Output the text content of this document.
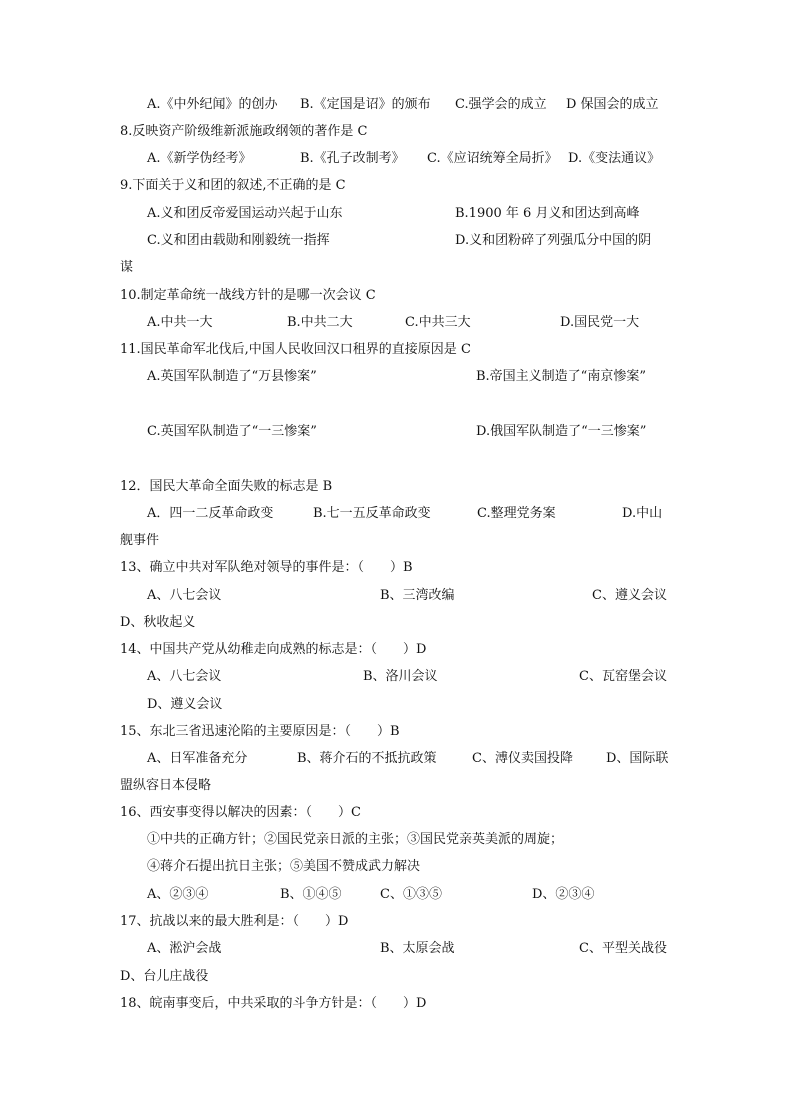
A.《中外纪闻》的创办 B.《定国是诏》的颁布 C.强学会的成立 D 保国会的成立
8.反映资产阶级维新派施政纲领的著作是 C
A.《新学伪经考》	B.《孔子改制考》 C.《应诏统筹全局折》 D.《变法通议》
9.下面关于义和团的叙述,不正确的是 C
A.义和团反帝爱国运动兴起于山东	B.1900 年 6 月义和团达到高峰
C.义和团由载勋和刚毅统一指挥	D.义和团粉碎了列强瓜分中国的阴
谋
10.制定革命统一战线方针的是哪一次会议 C
A.中共一大	B.中共二大	C.中共三大	D.国民党一大
11.国民革命军北伐后,中国人民收回汉口租界的直接原因是 C
A.英国军队制造了“万县惨案”	B.帝国主义制造了“南京惨案”
C.英国军队制造了“一三惨案”	D.俄国军队制造了“一三惨案”
12．国民大革命全面失败的标志是 B
A．四一二反革命政变	B.七一五反革命政变	C.整理党务案	D.中山
舰事件
13、确立中共对军队绝对领导的事件是：（　　）B
A、八七会议	B、三湾改编	C、遵义会议
D、秋收起义
14、中国共产党从幼稚走向成熟的标志是：（　　）D
A、八七会议	B、洛川会议	C、瓦窑堡会议
D、遵义会议
15、东北三省迅速沦陷的主要原因是：（　　）B
A、日军准备充分	B、蒋介石的不抵抗政策	C、溥仪卖国投降	D、国际联
盟纵容日本侵略
16、西安事变得以解决的因素：（　　）C
①中共的正确方针；②国民党亲日派的主张；③国民党亲英美派的周旋；
④蒋介石提出抗日主张；⑤美国不赞成武力解决
A、②③④	B、①④⑤	C、①③⑤	D、②③④
17、抗战以来的最大胜利是：（　　）D
A、淞沪会战	B、太原会战	C、平型关战役
D、台儿庄战役
18、皖南事变后，中共采取的斗争方针是：（　　）D
